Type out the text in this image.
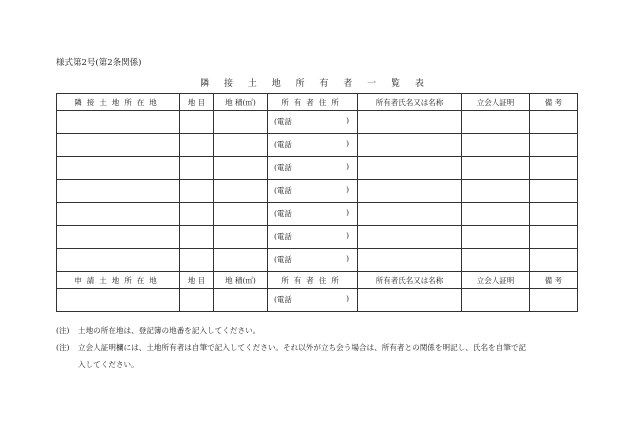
様式第2号(第2条関係)
隣 接 土 地 所 有 者 一 覧 表
隣接土地所在地	地 目	地 積(㎡)	所有者住所	所有者氏名又は名称	立会人証明	備 考

			(電話 )			

			(電話 )			

			(電話 )			

			(電話 )			

			(電話 )			

			(電話 )			

			(電話 )			

申請土地所在地	地 目	地 積(㎡)	所有者住所	所有者氏名又は名称	立会人証明	備 考

			(電話 )			

(注)	土地の所在地は、登記簿の地番を記入してください。
(注)	立会人証明欄には、土地所有者は自筆で記入してください。それ以外が立ち会う場合は、所有者との関係を明記し、氏名を自筆で記
入してください。
